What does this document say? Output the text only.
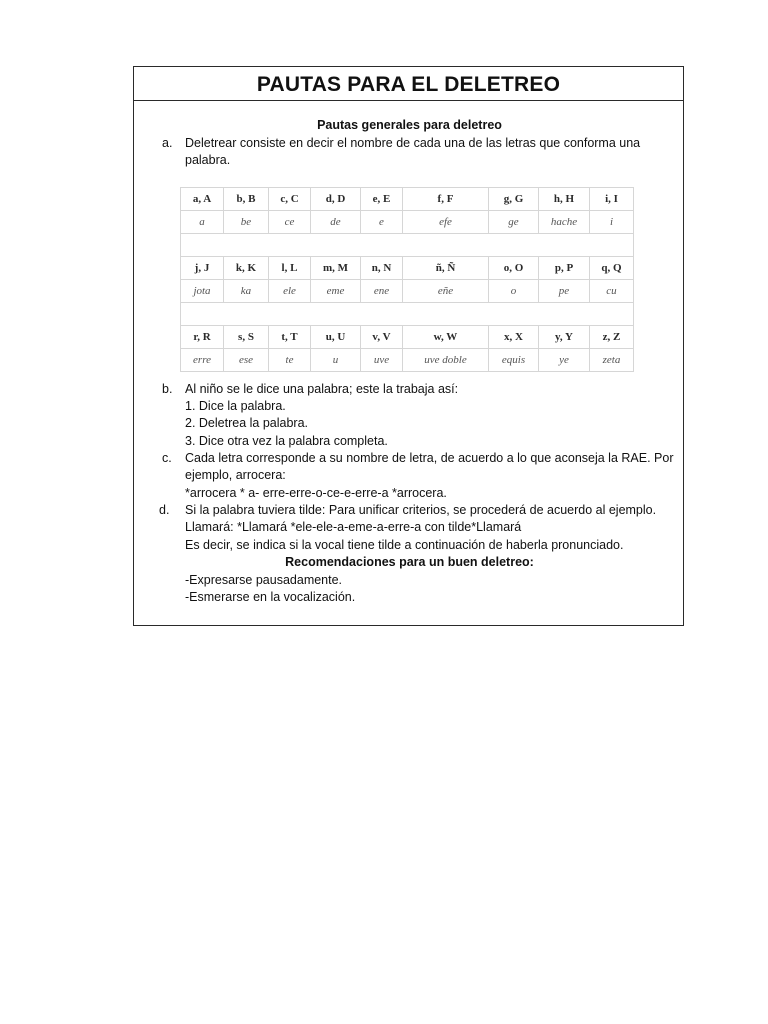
PAUTAS PARA EL DELETREO
Pautas generales para deletreo
a. Deletrear consiste en decir el nombre de cada una de las letras que conforma una
palabra.
a, A	b, B	c, C	d, D	e, E	f, F	g, G	h, H	i, I
a	be	ce	de	e	efe	ge	hache	i

j, J	k, K	l, L	m, M	n, N	ñ, Ñ	o, O	p, P	q, Q
jota	ka	ele	eme	ene	eñe	o	pe	cu

r, R	s, S	t, T	u, U	v, V	w, W	x, X	y, Y	z, Z
erre	ese	te	u	uve	uve doble	equis	ye	zeta
b. Al niño se le dice una palabra; este la trabaja así:
1. Dice la palabra.
2. Deletrea la palabra.
3. Dice otra vez la palabra completa.
c. Cada letra corresponde a su nombre de letra, de acuerdo a lo que aconseja la RAE. Por
ejemplo, arrocera:
*arrocera * a- erre-erre-o-ce-e-erre-a *arrocera.
d. Si la palabra tuviera tilde: Para unificar criterios, se procederá de acuerdo al ejemplo.
Llamará: *Llamará *ele-ele-a-eme-a-erre-a con tilde*Llamará
Es decir, se indica si la vocal tiene tilde a continuación de haberla pronunciado.
Recomendaciones para un buen deletreo:
-Expresarse pausadamente.
-Esmerarse en la vocalización.
